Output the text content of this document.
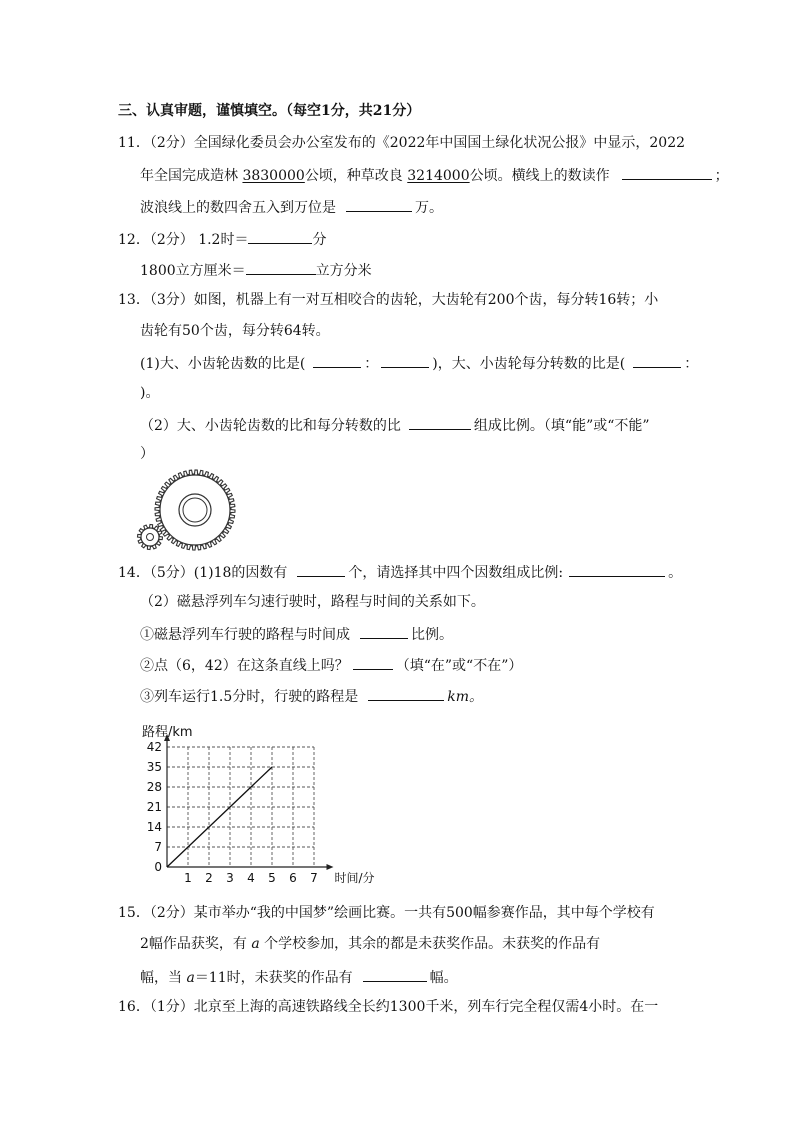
三、认真审题，谨慎填空。（每空1分，共21分）
11．（2分）全国绿化委员会办公室发布的《2022年中国国土绿化状况公报》中显示，2022
年全国完成造林 3830000公顷，种草改良 3214000公顷。横线上的数读作	；
波浪线上的数四舍五入到万位是	万。
12．（2分） 1.2时＝	分
1800立方厘米＝	立方分米
13．（3分）如图，机器上有一对互相咬合的齿轮，大齿轮有200个齿，每分转16转；小
齿轮有50个齿，每分转64转。
(1)大、小齿轮齿数的比是(	：	)，大、小齿轮每分转数的比是(	：
)。
（2）大、小齿轮齿数的比和每分转数的比	组成比例。（填“能”或“不能”
）
14．（5分）(1)18的因数有	个，请选择其中四个因数组成比例:	。
（2）磁悬浮列车匀速行驶时，路程与时间的关系如下。
①磁悬浮列车行驶的路程与时间成	比例。
②点（6，42）在这条直线上吗？	（填“在”或“不在”）
③列车运行1.5分时，行驶的路程是	km。
1 2 3 4 5 6 7
0
7
14
21
28
35
42
路程/km
时间/分
15．（2分）某市举办“我的中国梦”绘画比赛。一共有500幅参赛作品，其中每个学校有
2幅作品获奖，有 a 个学校参加，其余的都是未获奖作品。未获奖的作品有
幅，当 a＝11时，未获奖的作品有	幅。
16．（1分）北京至上海的高速铁路线全长约1300千米，列车行完全程仅需4小时。在一
